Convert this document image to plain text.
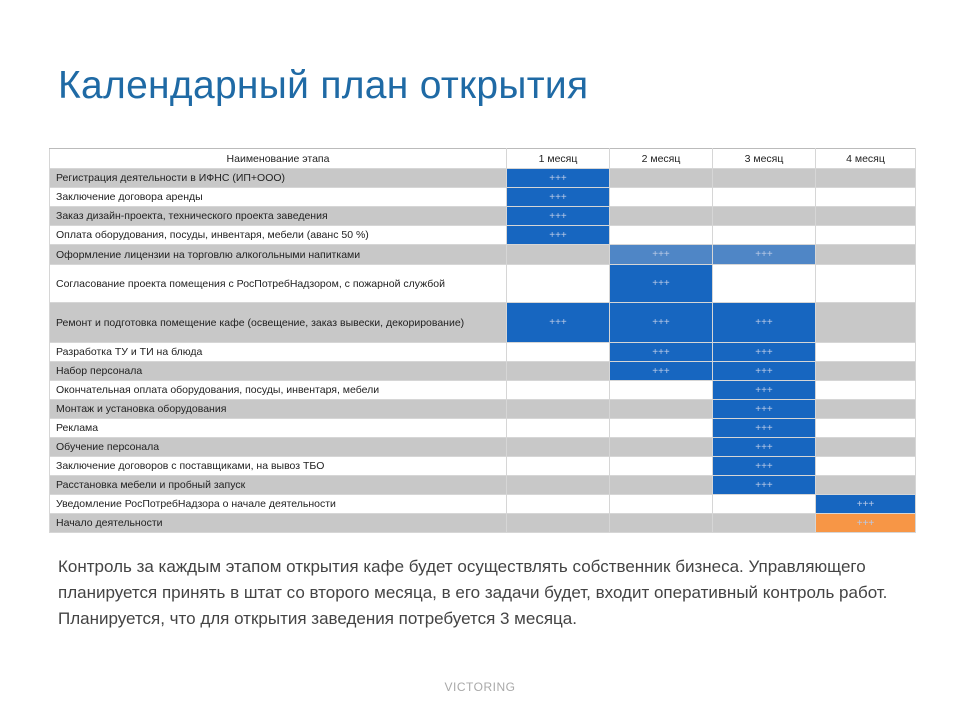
Календарный план открытия
Наименование этапа	1 месяц	2 месяц	3 месяц	4 месяц
Регистрация деятельности в ИФНС (ИП+ООО)	+++			
Заключение договора аренды	+++			
Заказ дизайн-проекта, технического проекта заведения	+++			
Оплата оборудования, посуды, инвентаря, мебели (аванс 50 %)	+++			
Оформление лицензии на торговлю алкогольными напитками		+++	+++	
Согласование проекта помещения с РосПотребНадзором, с пожарной службой		+++		
Ремонт и подготовка помещение кафе (освещение, заказ вывески, декорирование)	+++	+++	+++	
Разработка ТУ и ТИ на блюда		+++	+++	
Набор персонала		+++	+++	
Окончательная оплата оборудования, посуды, инвентаря, мебели			+++	
Монтаж и установка оборудования			+++	
Реклама			+++	
Обучение персонала			+++	
Заключение договоров с поставщиками, на вывоз ТБО			+++	
Расстановка мебели и пробный запуск			+++	
Уведомление РосПотребНадзора о начале деятельности				+++
Начало деятельности				+++
Контроль за каждым этапом открытия кафе будет осуществлять собственник бизнеса. Управляющего планируется принять в штат со второго месяца, в его задачи будет, входит оперативный контроль работ. Планируется, что для открытия заведения потребуется 3 месяца.
VICTORING
